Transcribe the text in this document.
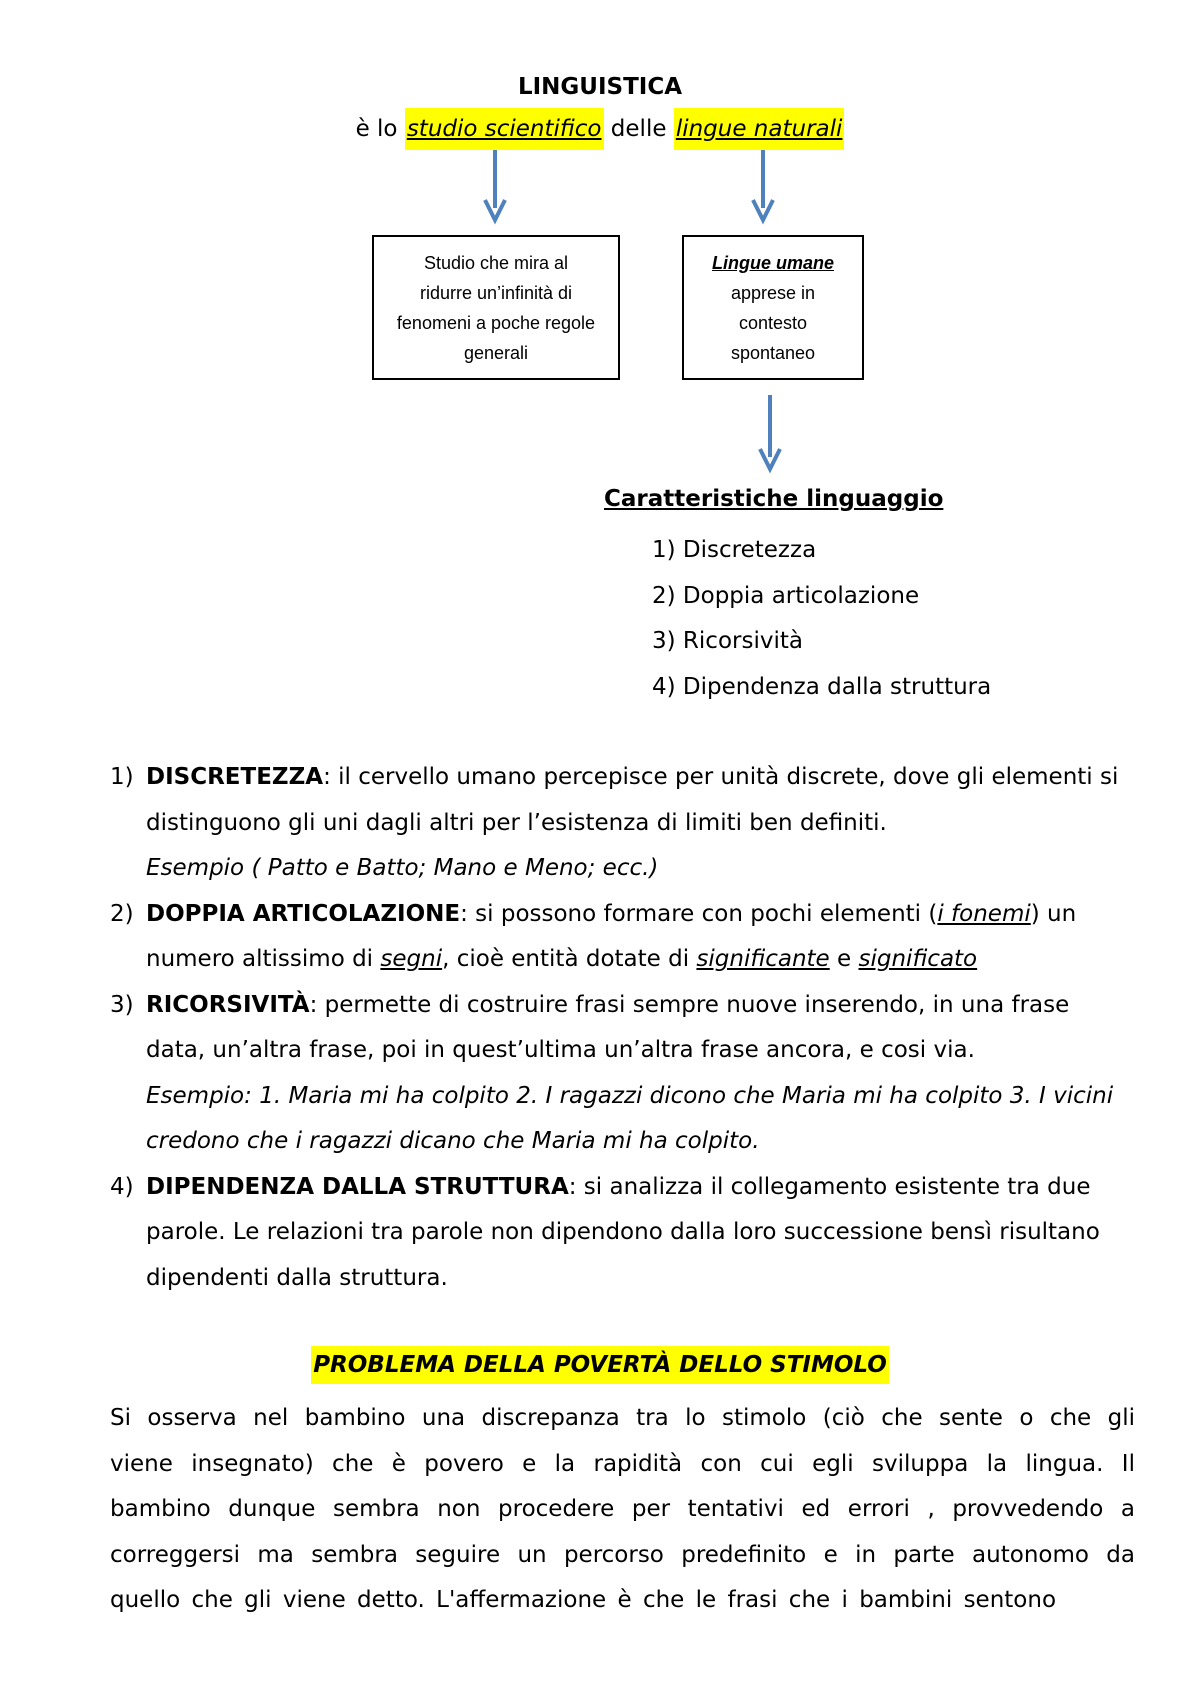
LINGUISTICA
è lo studio scientifico delle lingue naturali
Studio che mira al
ridurre un’infinità di
fenomeni a poche regole
generali
Lingue umane
apprese in
contesto
spontaneo
Caratteristiche linguaggio
1) Discretezza
2) Doppia articolazione
3) Ricorsività
4) Dipendenza dalla struttura
1) DISCRETEZZA: il cervello umano percepisce per unità discrete, dove gli elementi si distinguono gli uni dagli altri per l’esistenza di limiti ben definiti.
Esempio ( Patto e Batto; Mano e Meno; ecc.)
2) DOPPIA ARTICOLAZIONE: si possono formare con pochi elementi (i fonemi) un numero altissimo di segni, cioè entità dotate di significante e significato
3) RICORSIVITÀ: permette di costruire frasi sempre nuove inserendo, in una frase data, un’altra frase, poi in quest’ultima un’altra frase ancora, e cosi via.
Esempio: 1. Maria mi ha colpito 2. I ragazzi dicono che Maria mi ha colpito 3. I vicini credono che i ragazzi dicano che Maria mi ha colpito.
4) DIPENDENZA DALLA STRUTTURA: si analizza il collegamento esistente tra due parole. Le relazioni tra parole non dipendono dalla loro successione bensì risultano dipendenti dalla struttura.
PROBLEMA DELLA POVERTÀ DELLO STIMOLO
Si osserva nel bambino una discrepanza tra lo stimolo (ciò che sente o che gli viene insegnato) che è povero e la rapidità con cui egli sviluppa la lingua. Il bambino dunque sembra non procedere per tentativi ed errori , provvedendo a correggersi ma sembra seguire un percorso predefinito e in parte autonomo da quello che gli viene detto. L'affermazione è che le frasi che i bambini sentono
